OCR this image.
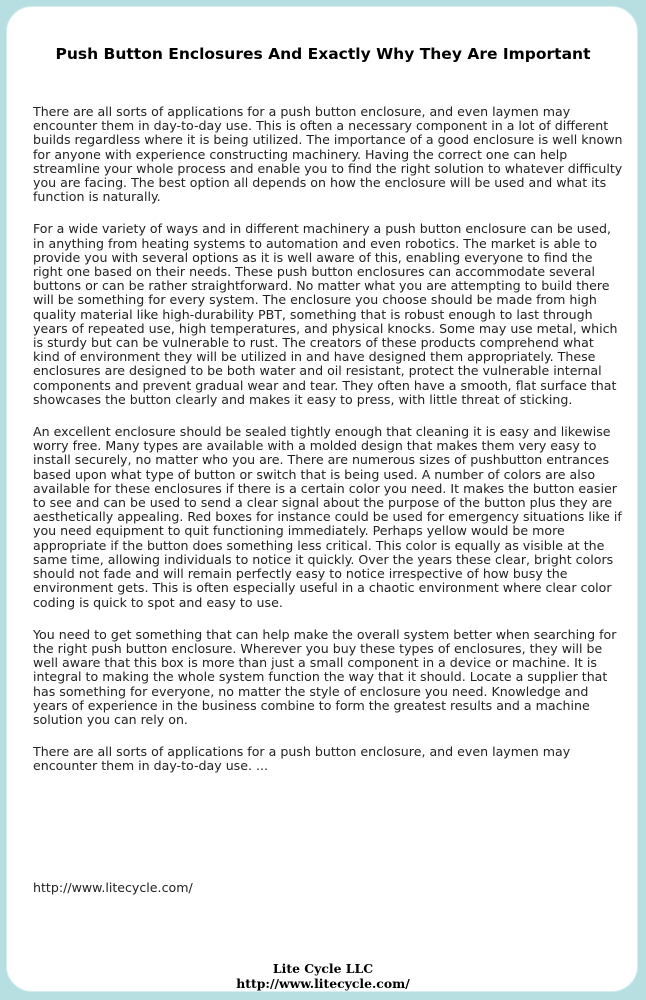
Push Button Enclosures And Exactly Why They Are Important

There are all sorts of applications for a push button enclosure, and even laymen may encounter them in day-to-day use. This is often a necessary component in a lot of different builds regardless where it is being utilized. The importance of a good enclosure is well known for anyone with experience constructing machinery. Having the correct one can help streamline your whole process and enable you to find the right solution to whatever difficulty you are facing. The best option all depends on how the enclosure will be used and what its function is naturally.

For a wide variety of ways and in different machinery a push button enclosure can be used, in anything from heating systems to automation and even robotics. The market is able to provide you with several options as it is well aware of this, enabling everyone to find the right one based on their needs. These push button enclosures can accommodate several buttons or can be rather straightforward. No matter what you are attempting to build there will be something for every system. The enclosure you choose should be made from high quality material like high-durability PBT, something that is robust enough to last through years of repeated use, high temperatures, and physical knocks. Some may use metal, which is sturdy but can be vulnerable to rust. The creators of these products comprehend what kind of environment they will be utilized in and have designed them appropriately. These enclosures are designed to be both water and oil resistant, protect the vulnerable internal components and prevent gradual wear and tear. They often have a smooth, flat surface that showcases the button clearly and makes it easy to press, with little threat of sticking.

An excellent enclosure should be sealed tightly enough that cleaning it is easy and likewise worry free. Many types are available with a molded design that makes them very easy to install securely, no matter who you are. There are numerous sizes of pushbutton entrances based upon what type of button or switch that is being used. A number of colors are also available for these enclosures if there is a certain color you need. It makes the button easier to see and can be used to send a clear signal about the purpose of the button plus they are aesthetically appealing. Red boxes for instance could be used for emergency situations like if you need equipment to quit functioning immediately. Perhaps yellow would be more appropriate if the button does something less critical. This color is equally as visible at the same time, allowing individuals to notice it quickly. Over the years these clear, bright colors should not fade and will remain perfectly easy to notice irrespective of how busy the environment gets. This is often especially useful in a chaotic environment where clear color coding is quick to spot and easy to use.

You need to get something that can help make the overall system better when searching for the right push button enclosure. Wherever you buy these types of enclosures, they will be well aware that this box is more than just a small component in a device or machine. It is integral to making the whole system function the way that it should. Locate a supplier that has something for everyone, no matter the style of enclosure you need. Knowledge and years of experience in the business combine to form the greatest results and a machine solution you can rely on.

There are all sorts of applications for a push button enclosure, and even laymen may encounter them in day-to-day use. ...

http://www.litecycle.com/
Lite Cycle LLC
http://www.litecycle.com/
